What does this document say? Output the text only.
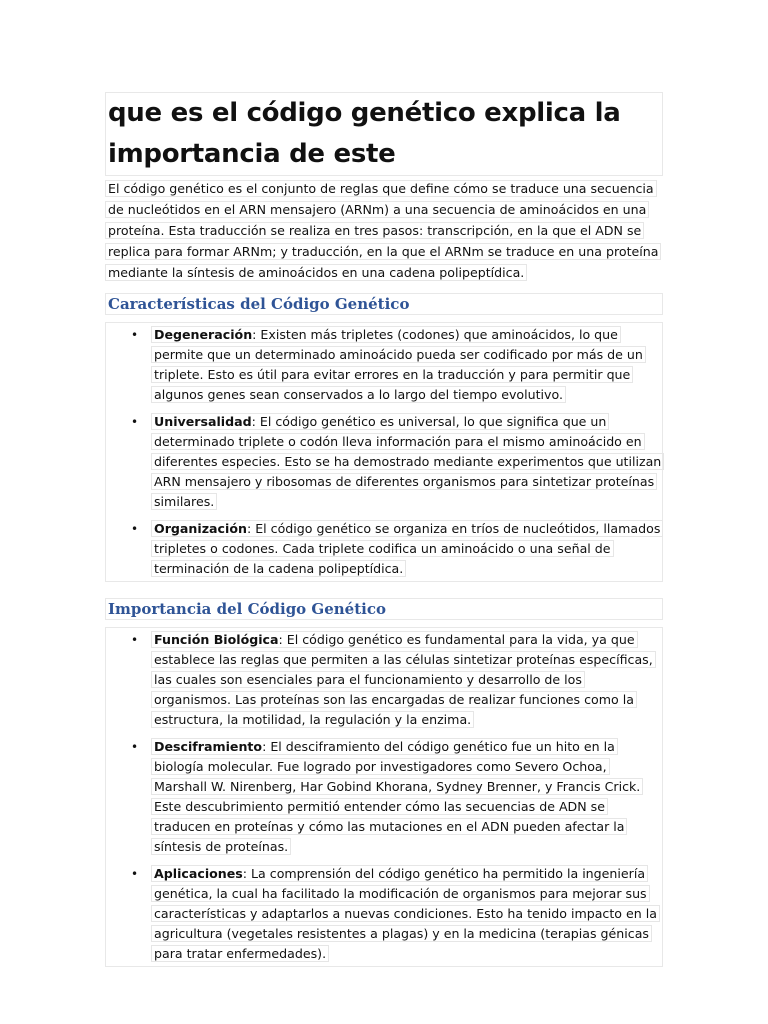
que es el código genético explica la importancia de este
El código genético es el conjunto de reglas que define cómo se traduce una secuencia de nucleótidos en el ARN mensajero (ARNm) a una secuencia de aminoácidos en una proteína. Esta traducción se realiza en tres pasos: transcripción, en la que el ADN se replica para formar ARNm; y traducción, en la que el ARNm se traduce en una proteína mediante la síntesis de aminoácidos en una cadena polipeptídica.
Características del Código Genético
• Degeneración: Existen más tripletes (codones) que aminoácidos, lo que permite que un determinado aminoácido pueda ser codificado por más de un triplete. Esto es útil para evitar errores en la traducción y para permitir que algunos genes sean conservados a lo largo del tiempo evolutivo.
• Universalidad: El código genético es universal, lo que significa que un determinado triplete o codón lleva información para el mismo aminoácido en diferentes especies. Esto se ha demostrado mediante experimentos que utilizan ARN mensajero y ribosomas de diferentes organismos para sintetizar proteínas similares.
• Organización: El código genético se organiza en tríos de nucleótidos, llamados tripletes o codones. Cada triplete codifica un aminoácido o una señal de terminación de la cadena polipeptídica.
Importancia del Código Genético
• Función Biológica: El código genético es fundamental para la vida, ya que establece las reglas que permiten a las células sintetizar proteínas específicas, las cuales son esenciales para el funcionamiento y desarrollo de los organismos. Las proteínas son las encargadas de realizar funciones como la estructura, la motilidad, la regulación y la enzima.
• Desciframiento: El desciframiento del código genético fue un hito en la biología molecular. Fue logrado por investigadores como Severo Ochoa, Marshall W. Nirenberg, Har Gobind Khorana, Sydney Brenner, y Francis Crick. Este descubrimiento permitió entender cómo las secuencias de ADN se traducen en proteínas y cómo las mutaciones en el ADN pueden afectar la síntesis de proteínas.
• Aplicaciones: La comprensión del código genético ha permitido la ingeniería genética, la cual ha facilitado la modificación de organismos para mejorar sus características y adaptarlos a nuevas condiciones. Esto ha tenido impacto en la agricultura (vegetales resistentes a plagas) y en la medicina (terapias génicas para tratar enfermedades).
